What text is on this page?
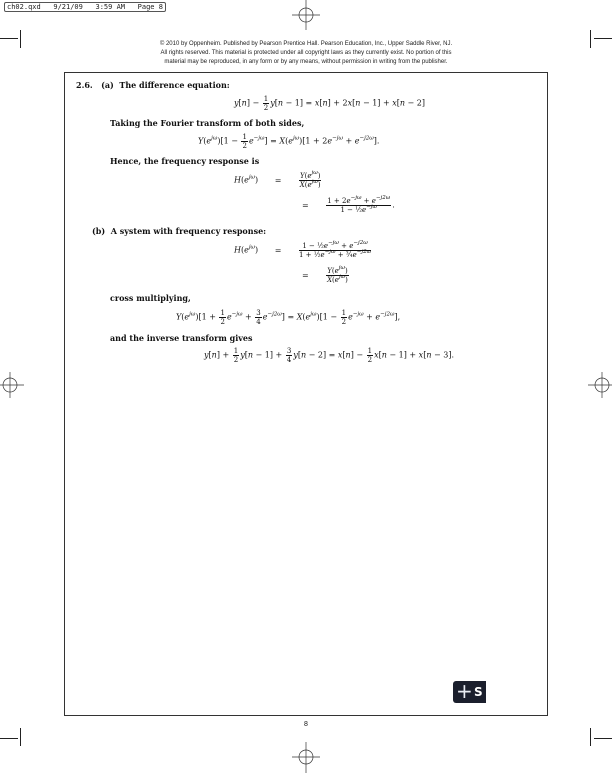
ch02.qxd   9/21/09   3:59 AM   Page 8
© 2010 by Oppenheim. Published by Pearson Prentice Hall. Pearson Education, Inc., Upper Saddle River, NJ.
All rights reserved. This material is protected under all copyright laws as they currently exist. No portion of this
material may be reproduced, in any form or by any means, without permission in writing from the publisher.
2.6. (a) The difference equation:
$y[n] - \frac{1}{2} y[n - 1] = x[n] + 2x[n - 1] + x[n - 2]$
Taking the Fourier transform of both sides,
$Y(e^{j\omega})[1 - \frac{1}{2} e^{-j\omega}] = X(e^{j\omega})[1 + 2e^{-j\omega} + e^{-j2\omega}]$.
Hence, the frequency response is
$H(e^{j\omega})$ =	$\frac{Y(e^{j\omega})}{X(e^{j\omega})}$
=	$\frac{1 + 2e^{-j\omega} + e^{-j2\omega}}{1 - \frac{1}{2}e^{-j\omega}}$ .
(b) A system with frequency response:
$H(e^{j\omega})$ =	$\frac{1 - \frac{1}{2}e^{-j\omega} + e^{-j2\omega}}{1 + \frac{1}{2}e^{-j\omega} + \frac{3}{4}e^{-j2\omega}}$
=	$\frac{Y(e^{j\omega})}{X(e^{j\omega})}$
cross multiplying,
$Y(e^{j\omega})[1 + \frac{1}{2} e^{-j\omega} + \frac{3}{4} e^{-j2\omega}] = X(e^{j\omega})[1 - \frac{1}{2} e^{-j\omega} + e^{-j2\omega}]$,
and the inverse transform gives
$y[n] + \frac{1}{2} y[n - 1] + \frac{3}{4} y[n - 2] = x[n] - \frac{1}{2} x[n - 1] + x[n - 3]$.
+ S
8
